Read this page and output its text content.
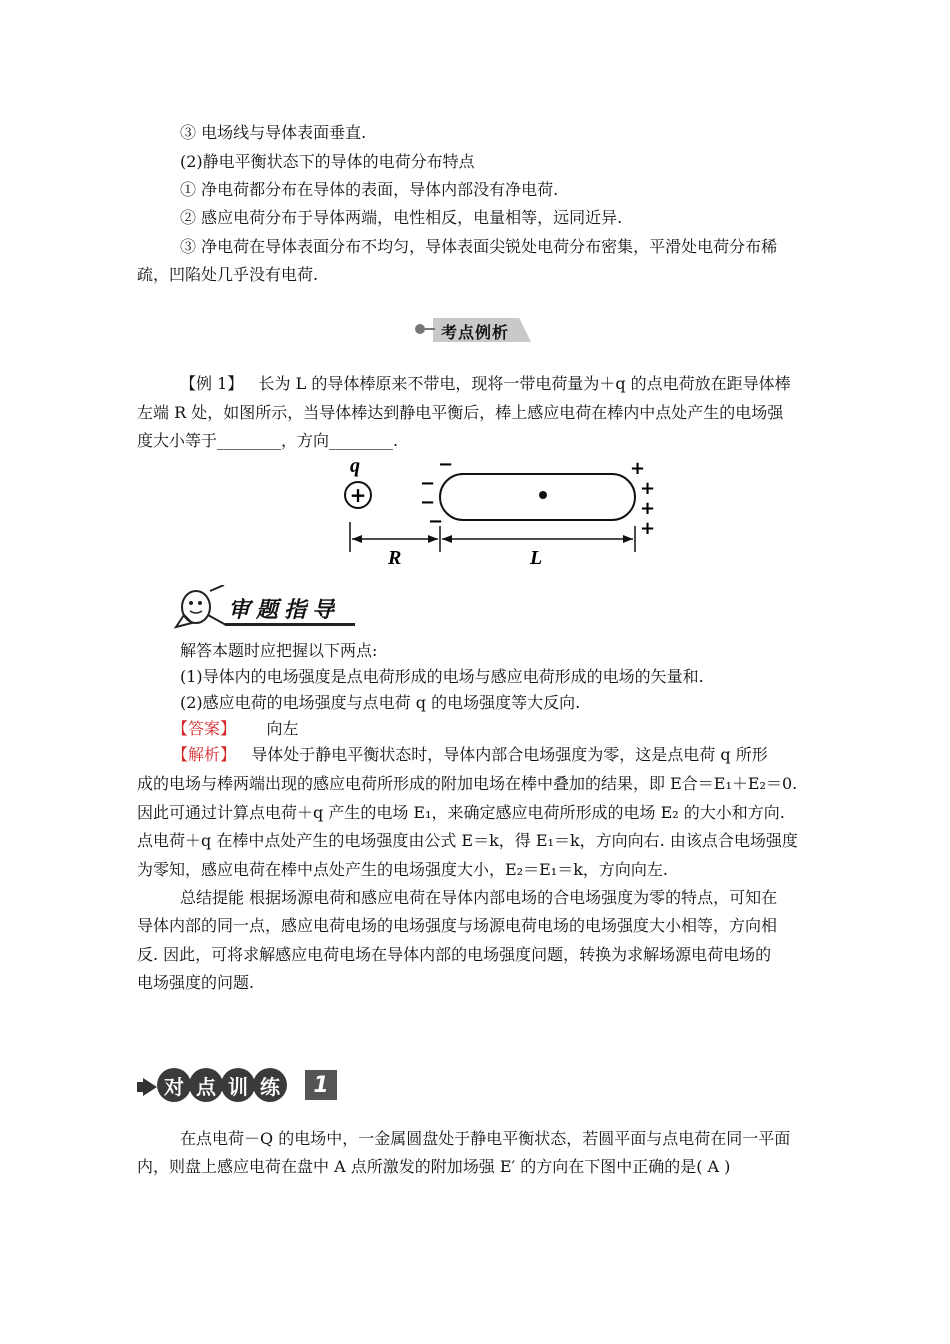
③ 电场线与导体表面垂直.
(2)静电平衡状态下的导体的电荷分布特点
① 净电荷都分布在导体的表面，导体内部没有净电荷.
② 感应电荷分布于导体两端，电性相反，电量相等，远同近异.
③ 净电荷在导体表面分布不均匀，导体表面尖锐处电荷分布密集，平滑处电荷分布稀
疏，凹陷处几乎没有电荷.
考点例析
【例 1】 长为 L 的导体棒原来不带电，现将一带电荷量为＋q 的点电荷放在距导体棒
左端 R 处，如图所示，当导体棒达到静电平衡后，棒上感应电荷在棒内中点处产生的电场强
度大小等于________，方向________.
q
+
−
−
−
−
+
+
+
+
R	L
审题指导
解答本题时应把握以下两点:
(1)导体内的电场强度是点电荷形成的电场与感应电荷形成的电场的矢量和.
(2)感应电荷的电场强度与点电荷 q 的电场强度等大反向.
【答案】 向左
【解析】 导体处于静电平衡状态时，导体内部合电场强度为零，这是点电荷 q 所形
成的电场与棒两端出现的感应电荷所形成的附加电场在棒中叠加的结果，即 E合＝E₁＋E₂＝0.
因此可通过计算点电荷＋q 产生的电场 E₁，来确定感应电荷所形成的电场 E₂ 的大小和方向.
点电荷＋q 在棒中点处产生的电场强度由公式 E＝k，得 E₁＝k，方向向右. 由该点合电场强度
为零知，感应电荷在棒中点处产生的电场强度大小，E₂＝E₁＝k，方向向左.
总结提能 根据场源电荷和感应电荷在导体内部电场的合电场强度为零的特点，可知在
导体内部的同一点，感应电荷电场的电场强度与场源电荷电场的电场强度大小相等，方向相
反. 因此，可将求解感应电荷电场在导体内部的电场强度问题，转换为求解场源电荷电场的
电场强度的问题.
对 点 训 练	1
在点电荷－Q 的电场中，一金属圆盘处于静电平衡状态，若圆平面与点电荷在同一平面
内，则盘上感应电荷在盘中 A 点所激发的附加场强 E′ 的方向在下图中正确的是( A )
